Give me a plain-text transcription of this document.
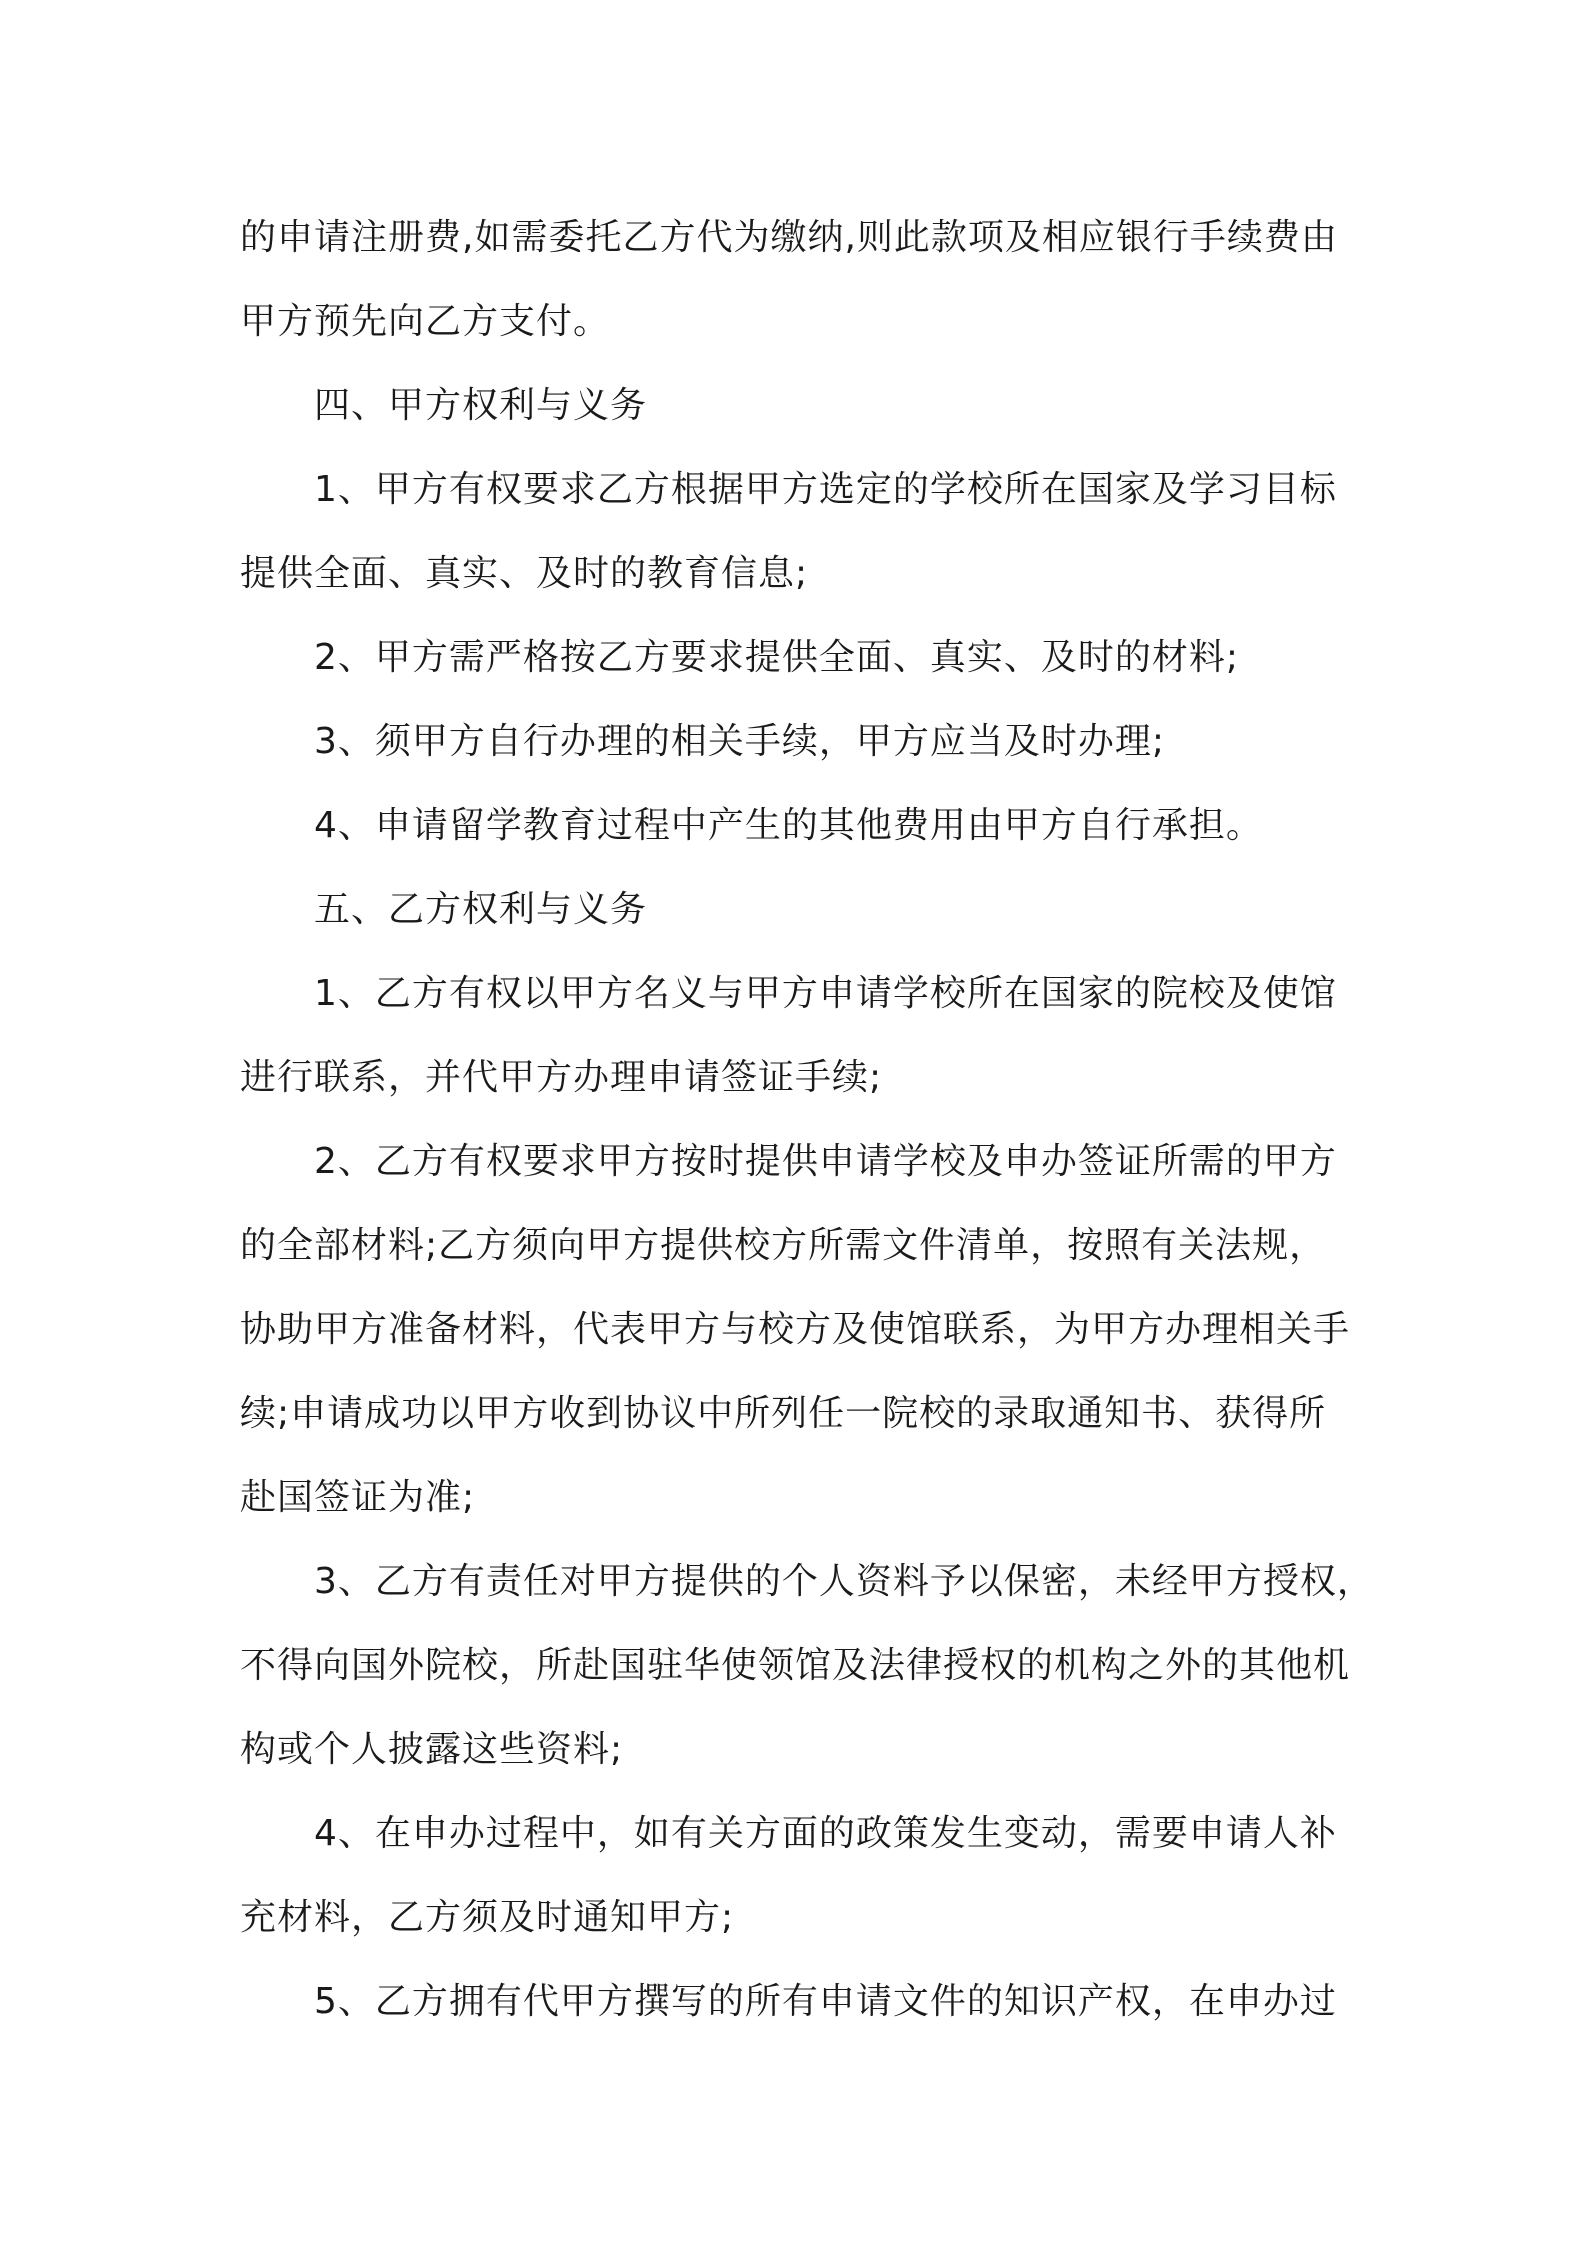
的申请注册费,如需委托乙方代为缴纳,则此款项及相应银行手续费由
甲方预先向乙方支付。
四、甲方权利与义务
1、甲方有权要求乙方根据甲方选定的学校所在国家及学习目标
提供全面、真实、及时的教育信息;
2、甲方需严格按乙方要求提供全面、真实、及时的材料;
3、须甲方自行办理的相关手续，甲方应当及时办理;
4、申请留学教育过程中产生的其他费用由甲方自行承担。
五、乙方权利与义务
1、乙方有权以甲方名义与甲方申请学校所在国家的院校及使馆
进行联系，并代甲方办理申请签证手续;
2、乙方有权要求甲方按时提供申请学校及申办签证所需的甲方
的全部材料;乙方须向甲方提供校方所需文件清单，按照有关法规，
协助甲方准备材料，代表甲方与校方及使馆联系，为甲方办理相关手
续;申请成功以甲方收到协议中所列任一院校的录取通知书、获得所
赴国签证为准;
3、乙方有责任对甲方提供的个人资料予以保密，未经甲方授权，
不得向国外院校，所赴国驻华使领馆及法律授权的机构之外的其他机
构或个人披露这些资料;
4、在申办过程中，如有关方面的政策发生变动，需要申请人补
充材料，乙方须及时通知甲方;
5、乙方拥有代甲方撰写的所有申请文件的知识产权，在申办过
